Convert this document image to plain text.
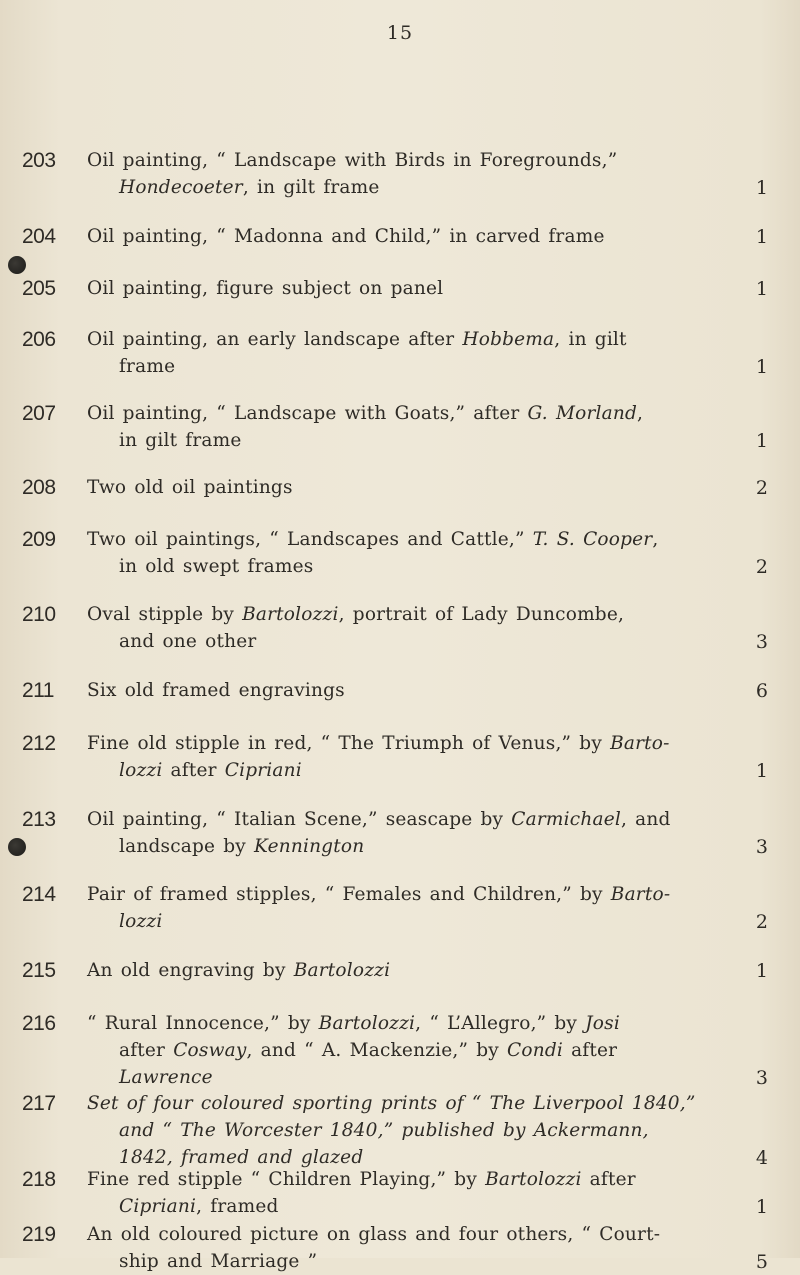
15
203	Oil painting, “ Landscape with Birds in Foregrounds,”
Hondecoeter, in gilt frame	1
204	Oil painting, “ Madonna and Child,” in carved frame	1
205	Oil painting, figure subject on panel	1
206	Oil painting, an early landscape after Hobbema, in gilt
frame	1
207	Oil painting, “ Landscape with Goats,” after G. Morland,
in gilt frame	1
208	Two old oil paintings	2
209	Two oil paintings, “ Landscapes and Cattle,” T. S. Cooper,
in old swept frames	2
210	Oval stipple by Bartolozzi, portrait of Lady Duncombe,
and one other	3
211	Six old framed engravings	6
212	Fine old stipple in red, “ The Triumph of Venus,” by Barto-
lozzi after Cipriani	1
213	Oil painting, “ Italian Scene,” seascape by Carmichael, and
landscape by Kennington	3
214	Pair of framed stipples, “ Females and Children,” by Barto-
lozzi	2
215	An old engraving by Bartolozzi	1
216	“ Rural Innocence,” by Bartolozzi, “ L’Allegro,” by Josi
after Cosway, and “ A. Mackenzie,” by Condi after
Lawrence	3
217	Set of four coloured sporting prints of “ The Liverpool 1840,”
and “ The Worcester 1840,” published by Ackermann,
1842, framed and glazed	4
218	Fine red stipple “ Children Playing,” by Bartolozzi after
Cipriani, framed	1
219	An old coloured picture on glass and four others, “ Court-
ship and Marriage ”	5
